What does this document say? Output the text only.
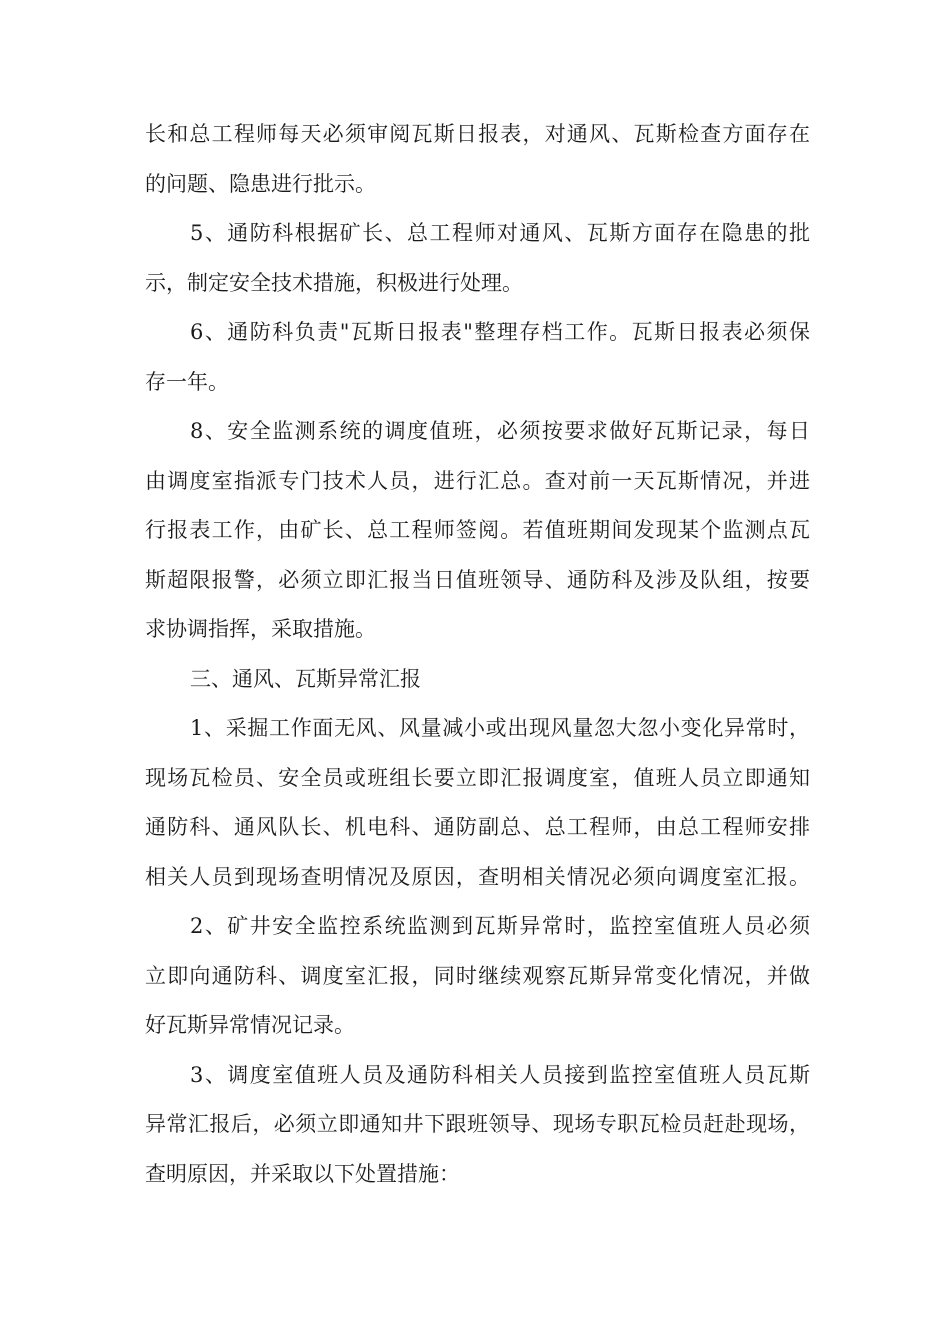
长和总工程师每天必须审阅瓦斯日报表，对通风、瓦斯检查方面存在
的问题、隐患进行批示。
5、通防科根据矿长、总工程师对通风、瓦斯方面存在隐患的批
示，制定安全技术措施，积极进行处理。
6、通防科负责"瓦斯日报表"整理存档工作。瓦斯日报表必须保
存一年。
8、安全监测系统的调度值班，必须按要求做好瓦斯记录，每日
由调度室指派专门技术人员，进行汇总。查对前一天瓦斯情况，并进
行报表工作，由矿长、总工程师签阅。若值班期间发现某个监测点瓦
斯超限报警，必须立即汇报当日值班领导、通防科及涉及队组，按要
求协调指挥，采取措施。
三、通风、瓦斯异常汇报
1、采掘工作面无风、风量减小或出现风量忽大忽小变化异常时，
现场瓦检员、安全员或班组长要立即汇报调度室，值班人员立即通知
通防科、通风队长、机电科、通防副总、总工程师，由总工程师安排
相关人员到现场查明情况及原因，查明相关情况必须向调度室汇报。
2、矿井安全监控系统监测到瓦斯异常时，监控室值班人员必须
立即向通防科、调度室汇报，同时继续观察瓦斯异常变化情况，并做
好瓦斯异常情况记录。
3、调度室值班人员及通防科相关人员接到监控室值班人员瓦斯
异常汇报后，必须立即通知井下跟班领导、现场专职瓦检员赶赴现场，
查明原因，并采取以下处置措施：
